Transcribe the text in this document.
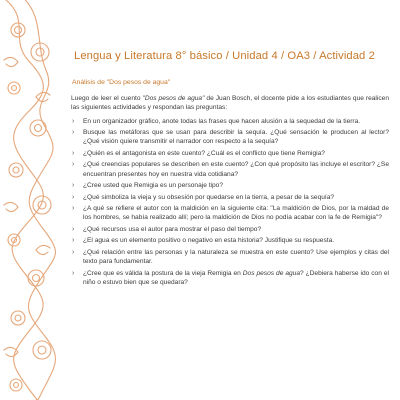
Lengua y Literatura 8° básico / Unidad 4 / OA3 / Actividad 2
Análisis de "Dos pesos de agua"

Luego de leer el cuento "Dos pesos de agua" de Juan Bosch, el docente pide a los estudiantes que realicen las siguientes actividades y respondan las preguntas:

› En un organizador gráfico, anote todas las frases que hacen alusión a la sequedad de la tierra.
› Busque las metáforas que se usan para describir la sequía. ¿Qué sensación le producen al lector? ¿Qué visión quiere transmitir el narrador con respecto a la sequía?
› ¿Quién es el antagonista en este cuento? ¿Cuál es el conflicto que tiene Remigia?
› ¿Qué creencias populares se describen en este cuento? ¿Con qué propósito las incluye el escritor? ¿Se encuentran presentes hoy en nuestra vida cotidiana?
› ¿Cree usted que Remigia es un personaje tipo?
› ¿Qué simboliza la vieja y su obsesión por quedarse en la tierra, a pesar de la sequía?
› ¿A qué se refiere el autor con la maldición en la siguiente cita: "La maldición de Dios, por la maldad de los hombres, se había realizado allí; pero la maldición de Dios no podía acabar con la fe de Remigia"?
› ¿Qué recursos usa el autor para mostrar el paso del tiempo?
› ¿El agua es un elemento positivo o negativo en esta historia? Justifique su respuesta.
› ¿Qué relación entre las personas y la naturaleza se muestra en este cuento? Use ejemplos y citas del texto para fundamentar.
› ¿Cree que es válida la postura de la vieja Remigia en Dos pesos de agua? ¿Debiera haberse ido con el niño o estuvo bien que se quedara?
